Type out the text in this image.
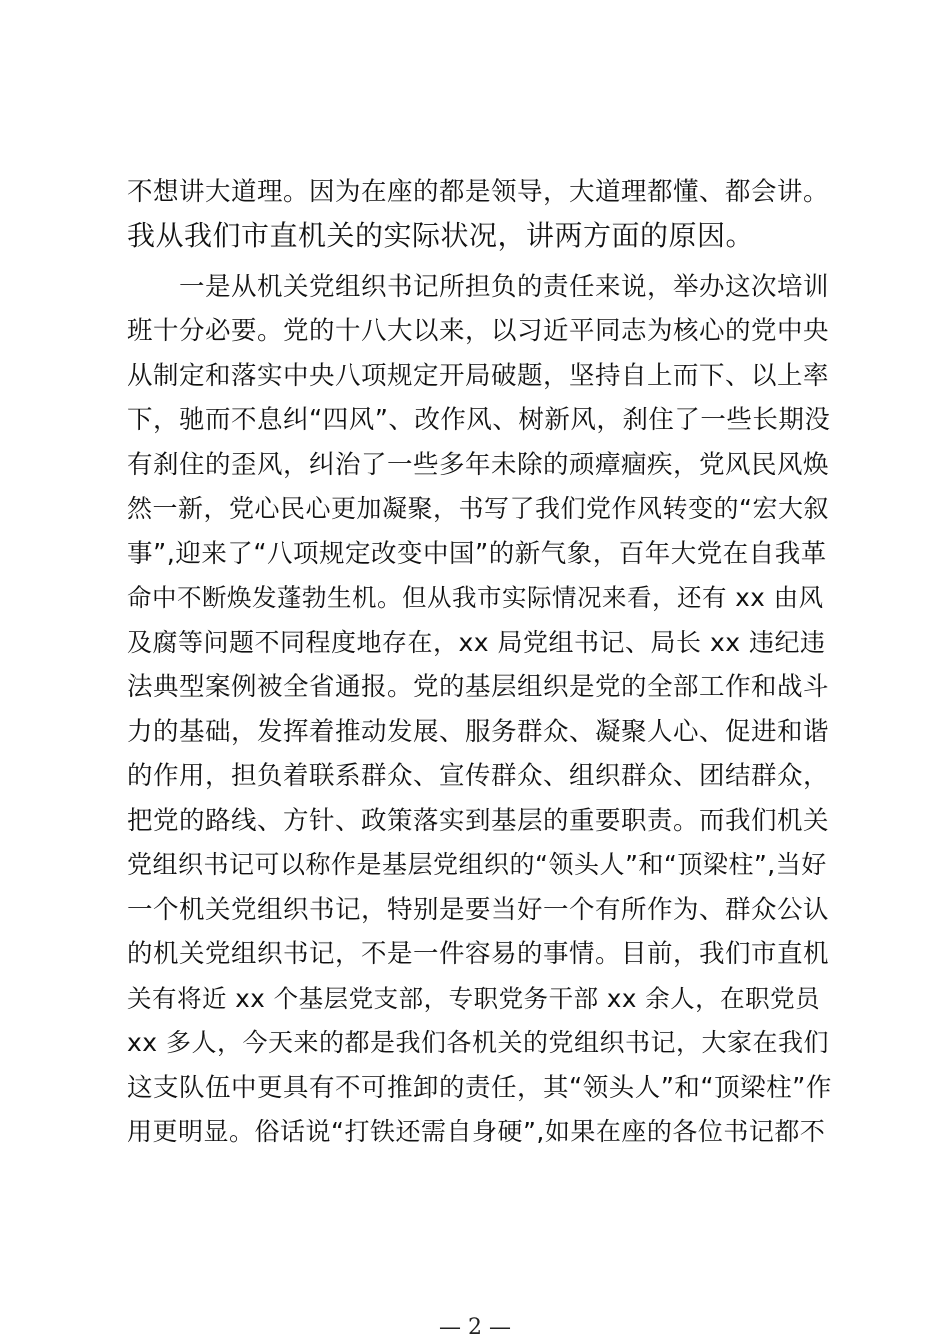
不想讲大道理。因为在座的都是领导，大道理都懂、都会讲。
我从我们市直机关的实际状况，讲两方面的原因。
　　一是从机关党组织书记所担负的责任来说，举办这次培训
班十分必要。党的十八大以来，以习近平同志为核心的党中央
从制定和落实中央八项规定开局破题，坚持自上而下、以上率
下，驰而不息纠“四风”、改作风、树新风，刹住了一些长期没
有刹住的歪风，纠治了一些多年未除的顽瘴痼疾，党风民风焕
然一新，党心民心更加凝聚，书写了我们党作风转变的“宏大叙
事”,迎来了“八项规定改变中国”的新气象，百年大党在自我革
命中不断焕发蓬勃生机。但从我市实际情况来看，还有 xx 由风
及腐等问题不同程度地存在，xx 局党组书记、局长 xx 违纪违
法典型案例被全省通报。党的基层组织是党的全部工作和战斗
力的基础，发挥着推动发展、服务群众、凝聚人心、促进和谐
的作用，担负着联系群众、宣传群众、组织群众、团结群众，
把党的路线、方针、政策落实到基层的重要职责。而我们机关
党组织书记可以称作是基层党组织的“领头人”和“顶梁柱”,当好
一个机关党组织书记，特别是要当好一个有所作为、群众公认
的机关党组织书记，不是一件容易的事情。目前，我们市直机
关有将近 xx 个基层党支部，专职党务干部 xx 余人，在职党员
xx 多人，今天来的都是我们各机关的党组织书记，大家在我们
这支队伍中更具有不可推卸的责任，其“领头人”和“顶梁柱”作
用更明显。俗话说“打铁还需自身硬”,如果在座的各位书记都不
— 2 —
